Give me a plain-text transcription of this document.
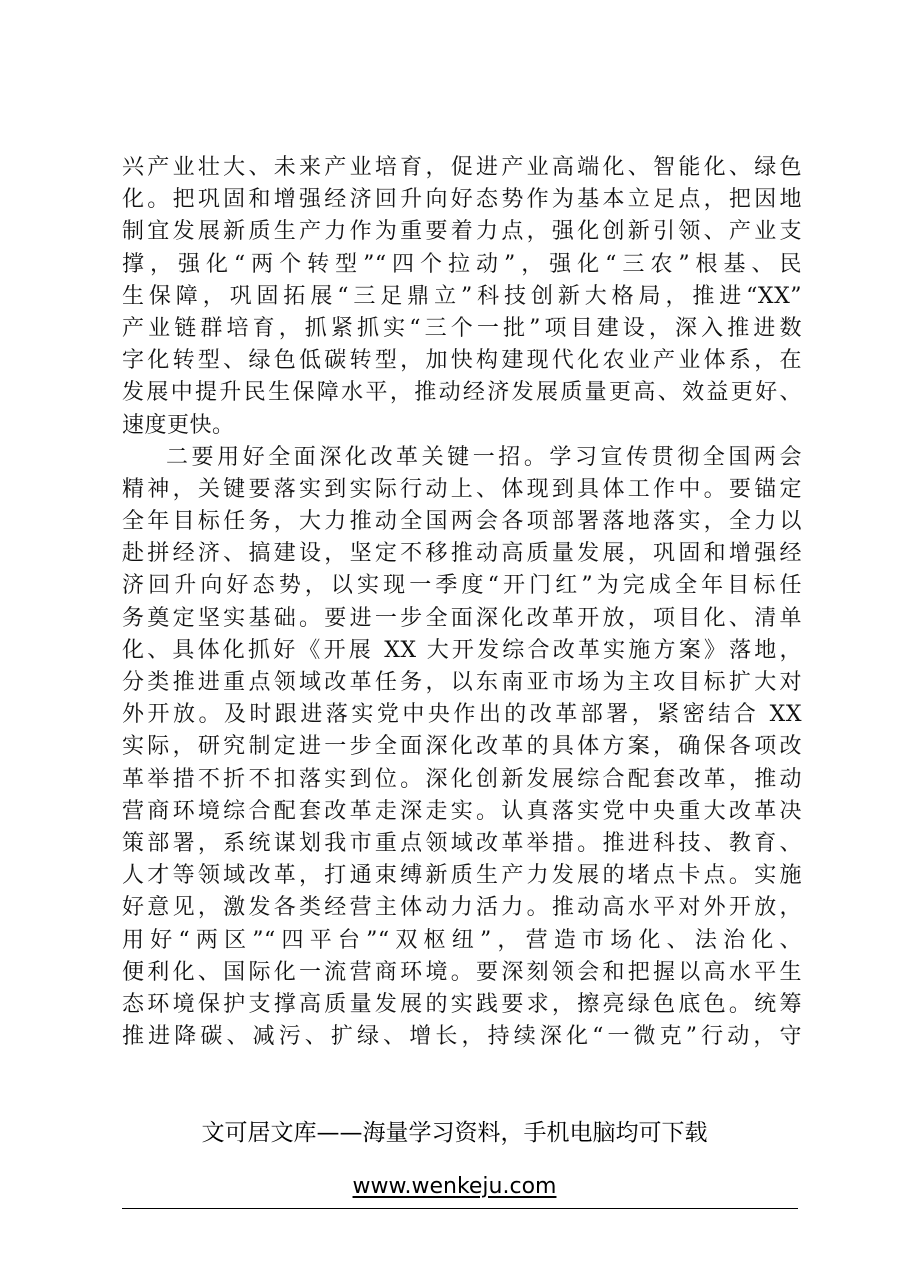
兴产业壮大、未来产业培育，促进产业高端化、智能化、绿色
化。把巩固和增强经济回升向好态势作为基本立足点，把因地
制宜发展新质生产力作为重要着力点，强化创新引领、产业支
撑，强化“两个转型”“四个拉动”，强化“三农”根基、民
生保障，巩固拓展“三足鼎立”科技创新大格局，推进“XX”
产业链群培育，抓紧抓实“三个一批”项目建设，深入推进数
字化转型、绿色低碳转型，加快构建现代化农业产业体系，在
发展中提升民生保障水平，推动经济发展质量更高、效益更好、
速度更快。
二要用好全面深化改革关键一招。学习宣传贯彻全国两会
精神，关键要落实到实际行动上、体现到具体工作中。要锚定
全年目标任务，大力推动全国两会各项部署落地落实，全力以
赴拼经济、搞建设，坚定不移推动高质量发展，巩固和增强经
济回升向好态势，以实现一季度“开门红”为完成全年目标任
务奠定坚实基础。要进一步全面深化改革开放，项目化、清单
化、具体化抓好《开展 XX 大开发综合改革实施方案》落地，
分类推进重点领域改革任务，以东南亚市场为主攻目标扩大对
外开放。及时跟进落实党中央作出的改革部署，紧密结合 XX
实际，研究制定进一步全面深化改革的具体方案，确保各项改
革举措不折不扣落实到位。深化创新发展综合配套改革，推动
营商环境综合配套改革走深走实。认真落实党中央重大改革决
策部署，系统谋划我市重点领域改革举措。推进科技、教育、
人才等领域改革，打通束缚新质生产力发展的堵点卡点。实施
好意见，激发各类经营主体动力活力。推动高水平对外开放，
用好“两区”“四平台”“双枢纽”，营造市场化、法治化、
便利化、国际化一流营商环境。要深刻领会和把握以高水平生
态环境保护支撑高质量发展的实践要求，擦亮绿色底色。统筹
推进降碳、减污、扩绿、增长，持续深化“一微克”行动，守
文可居文库——海量学习资料，手机电脑均可下载
www.wenkeju.com
